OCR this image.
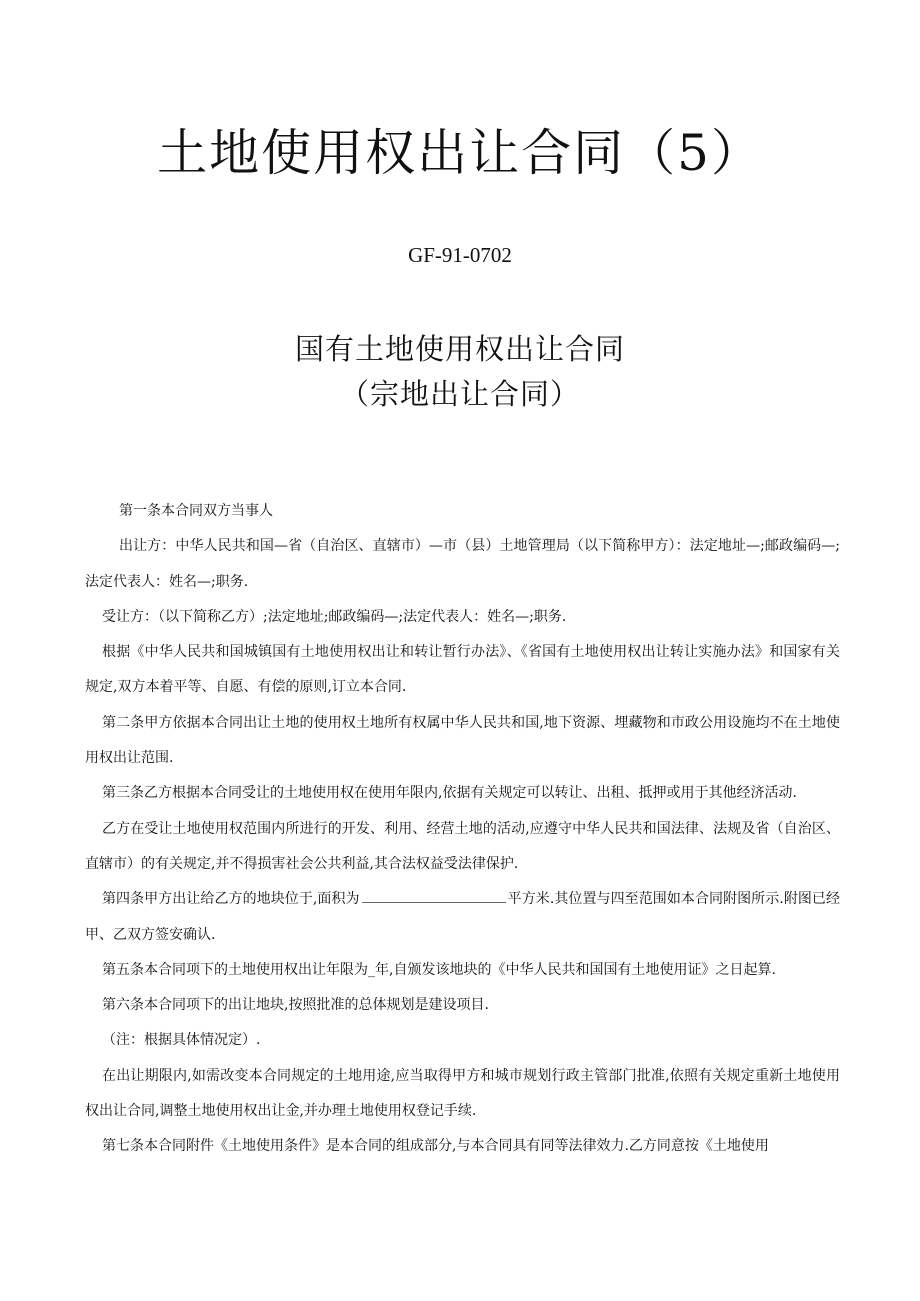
土地使用权出让合同（5）
GF-91-0702
国有土地使用权出让合同
（宗地出让合同）

第一条本合同双方当事人

出让方：中华人民共和国—省（自治区、直辖市）—市（县）土地管理局（以下简称甲方）：法定地址—;邮政编码—;法定代表人：姓名—;职务.

受让方：（以下简称乙方）;法定地址;邮政编码—;法定代表人：姓名—;职务.

根据《中华人民共和国城镇国有土地使用权出让和转让暂行办法》、《省国有土地使用权出让转让实施办法》和国家有关规定,双方本着平等、自愿、有偿的原则,订立本合同.

第二条甲方依据本合同出让土地的使用权土地所有权属中华人民共和国,地下资源、埋藏物和市政公用设施均不在土地使用权出让范围.

第三条乙方根据本合同受让的土地使用权在使用年限内,依据有关规定可以转让、出租、抵押或用于其他经济活动.

乙方在受让土地使用权范围内所进行的开发、利用、经营土地的活动,应遵守中华人民共和国法律、法规及省（自治区、直辖市）的有关规定,并不得损害社会公共利益,其合法权益受法律保护.

第四条甲方出让给乙方的地块位于,面积为	平方米.其位置与四至范围如本合同附图所示.附图已经甲、乙双方签安确认.

第五条本合同项下的土地使用权出让年限为_年,自颁发该地块的《中华人民共和国国有土地使用证》之日起算.

第六条本合同项下的出让地块,按照批准的总体规划是建设项目.

（注：根据具体情况定）.

在出让期限内,如需改变本合同规定的土地用途,应当取得甲方和城市规划行政主管部门批准,依照有关规定重新土地使用权出让合同,调整土地使用权出让金,并办理土地使用权登记手续.

第七条本合同附件《土地使用条件》是本合同的组成部分,与本合同具有同等法律效力.乙方同意按《土地使用
